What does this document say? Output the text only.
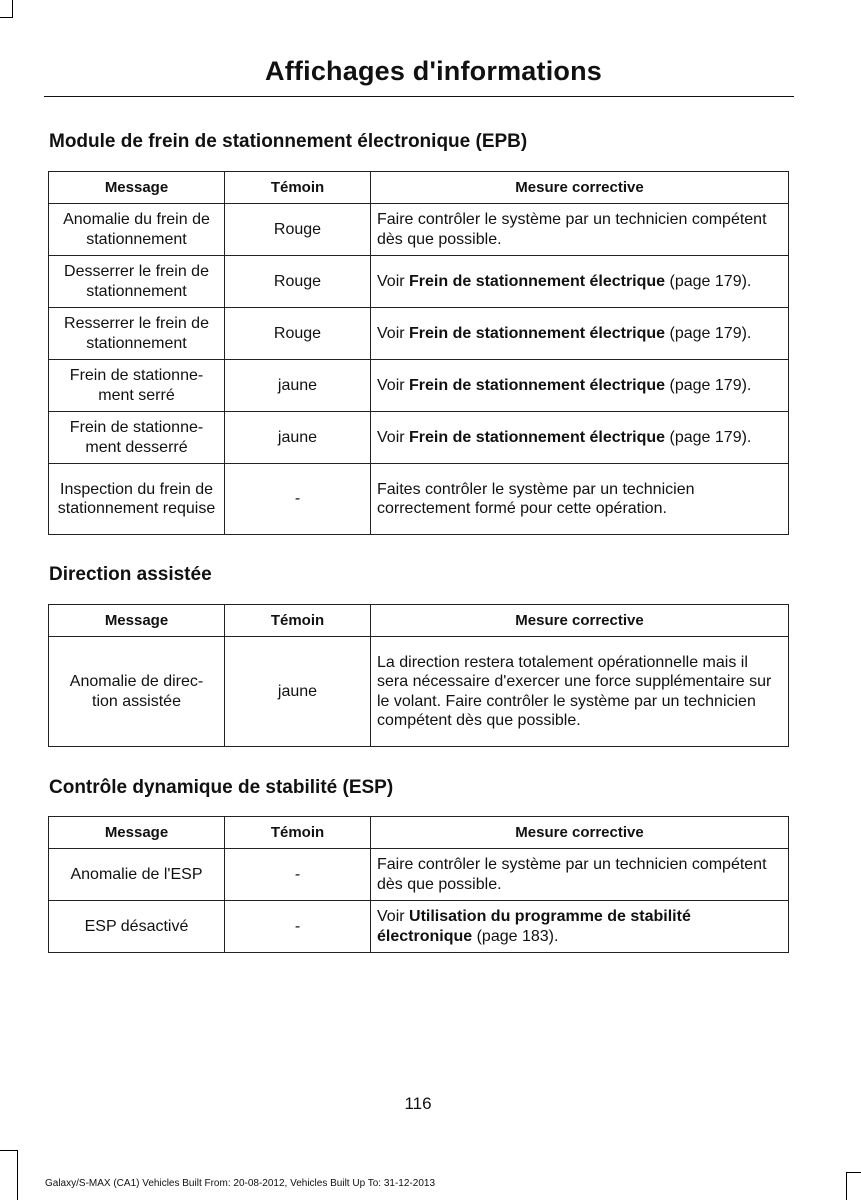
Affichages d'informations
Module de frein de stationnement électronique (EPB)
Message	Témoin	Mesure corrective
Anomalie du frein de stationnement	Rouge	Faire contrôler le système par un technicien compétent dès que possible.
Desserrer le frein de stationnement	Rouge	Voir Frein de stationnement électrique (page 179).
Resserrer le frein de stationnement	Rouge	Voir Frein de stationnement électrique (page 179).
Frein de stationne-
ment serré	jaune	Voir Frein de stationnement électrique (page 179).
Frein de stationne-
ment desserré	jaune	Voir Frein de stationnement électrique (page 179).
Inspection du frein de stationnement requise	-	Faites contrôler le système par un technicien correctement formé pour cette opération.
Direction assistée
Message	Témoin	Mesure corrective
Anomalie de direc-
tion assistée	jaune	La direction restera totalement opérationnelle mais il sera nécessaire d'exercer une force supplémentaire sur le volant. Faire contrôler le système par un technicien compétent dès que possible.
Contrôle dynamique de stabilité (ESP)
Message	Témoin	Mesure corrective
Anomalie de l'ESP	-	Faire contrôler le système par un technicien compétent dès que possible.
ESP désactivé	-	Voir Utilisation du programme de stabilité électronique (page 183).
116
Galaxy/S-MAX (CA1) Vehicles Built From: 20-08-2012, Vehicles Built Up To: 31-12-2013
